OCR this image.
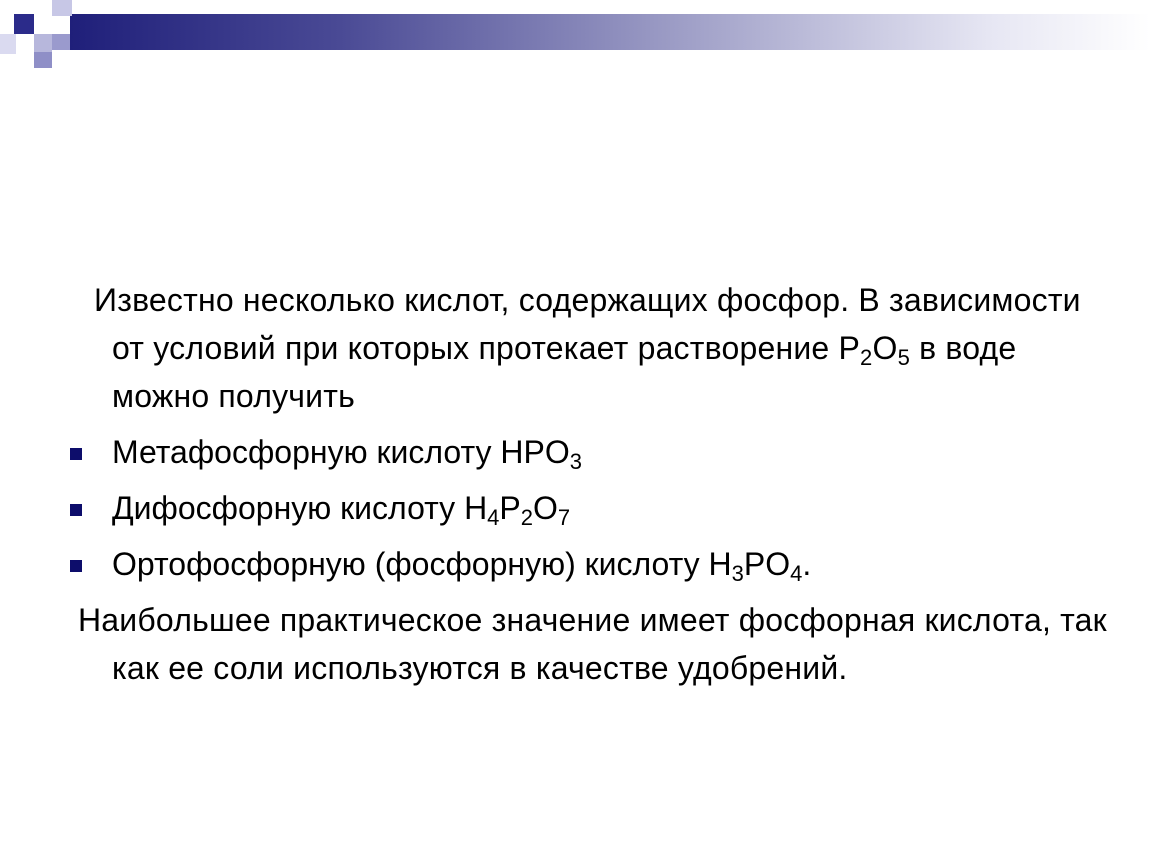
Известно несколько кислот, содержащих фосфор. В зависимости от условий при которых протекает растворение $P_2O_5$ в воде можно получить

Метафосфорную кислоту $HPO_3$
Дифосфорную кислоту $H_4P_2O_7$
Ортофосфорную (фосфорную) кислоту $H_3PO_4$.

Наибольшее практическое значение имеет фосфорная кислота, так как ее соли используются в качестве удобрений.
